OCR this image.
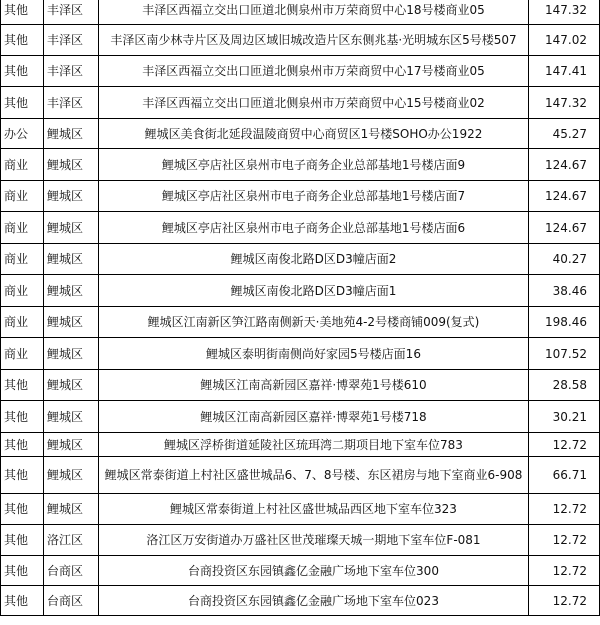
其他	丰泽区	丰泽区西福立交出口匝道北侧泉州市万荣商贸中心18号楼商业05	147.32
其他	丰泽区	丰泽区南少林寺片区及周边区域旧城改造片区东侧兆基·光明城东区5号楼507	147.02
其他	丰泽区	丰泽区西福立交出口匝道北侧泉州市万荣商贸中心17号楼商业05	147.41
其他	丰泽区	丰泽区西福立交出口匝道北侧泉州市万荣商贸中心15号楼商业02	147.32
办公	鲤城区	鲤城区美食街北延段温陵商贸中心商贸区1号楼SOHO办公1922	45.27
商业	鲤城区	鲤城区亭店社区泉州市电子商务企业总部基地1号楼店面9	124.67
商业	鲤城区	鲤城区亭店社区泉州市电子商务企业总部基地1号楼店面7	124.67
商业	鲤城区	鲤城区亭店社区泉州市电子商务企业总部基地1号楼店面6	124.67
商业	鲤城区	鲤城区南俊北路D区D3幢店面2	40.27
商业	鲤城区	鲤城区南俊北路D区D3幢店面1	38.46
商业	鲤城区	鲤城区江南新区笋江路南侧新天·美地苑4-2号楼商铺009(复式)	198.46
商业	鲤城区	鲤城区泰明街南侧尚好家园5号楼店面16	107.52
其他	鲤城区	鲤城区江南高新园区嘉祥·博翠苑1号楼610	28.58
其他	鲤城区	鲤城区江南高新园区嘉祥·博翠苑1号楼718	30.21
其他	鲤城区	鲤城区浮桥街道延陵社区琉珥湾二期项目地下室车位783	12.72
其他	鲤城区	鲤城区常泰街道上村社区盛世城品6、7、8号楼、东区裙房与地下室商业6-908	66.71
其他	鲤城区	鲤城区常泰街道上村社区盛世城品西区地下室车位323	12.72
其他	洛江区	洛江区万安街道办万盛社区世茂璀璨天城一期地下室车位F-081	12.72
其他	台商区	台商投资区东园镇鑫亿金融广场地下室车位300	12.72
其他	台商区	台商投资区东园镇鑫亿金融广场地下室车位023	12.72
